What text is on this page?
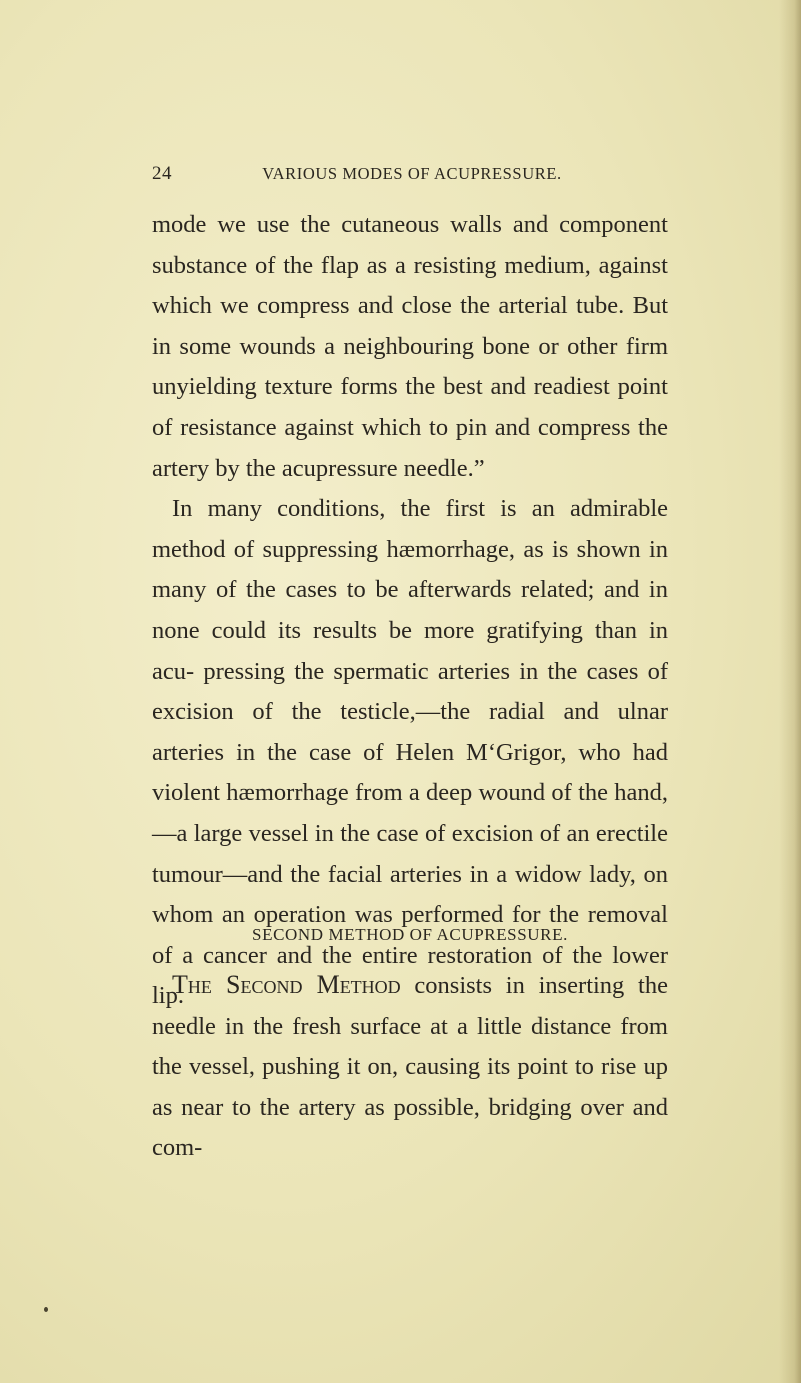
24	VARIOUS MODES OF ACUPRESSURE.

mode we use the cutaneous walls and component substance of the flap as a resisting medium, against which we compress and close the arterial tube. But in some wounds a neighbouring bone or other firm unyielding texture forms the best and readiest point of resistance against which to pin and compress the artery by the acupressure needle.”

In many conditions, the first is an admirable method of suppressing hæmorrhage, as is shown in many of the cases to be afterwards related; and in none could its results be more gratifying than in acu- pressing the spermatic arteries in the cases of excision of the testicle,—the radial and ulnar arteries in the case of Helen M‘Grigor, who had violent hæmorrhage from a deep wound of the hand,—a large vessel in the case of excision of an erectile tumour—and the facial arteries in a widow lady, on whom an operation was performed for the removal of a cancer and the entire restoration of the lower lip.

SECOND METHOD OF ACUPRESSURE.

The Second Method consists in inserting the needle in the fresh surface at a little distance from the vessel, pushing it on, causing its point to rise up as near to the artery as possible, bridging over and com-
